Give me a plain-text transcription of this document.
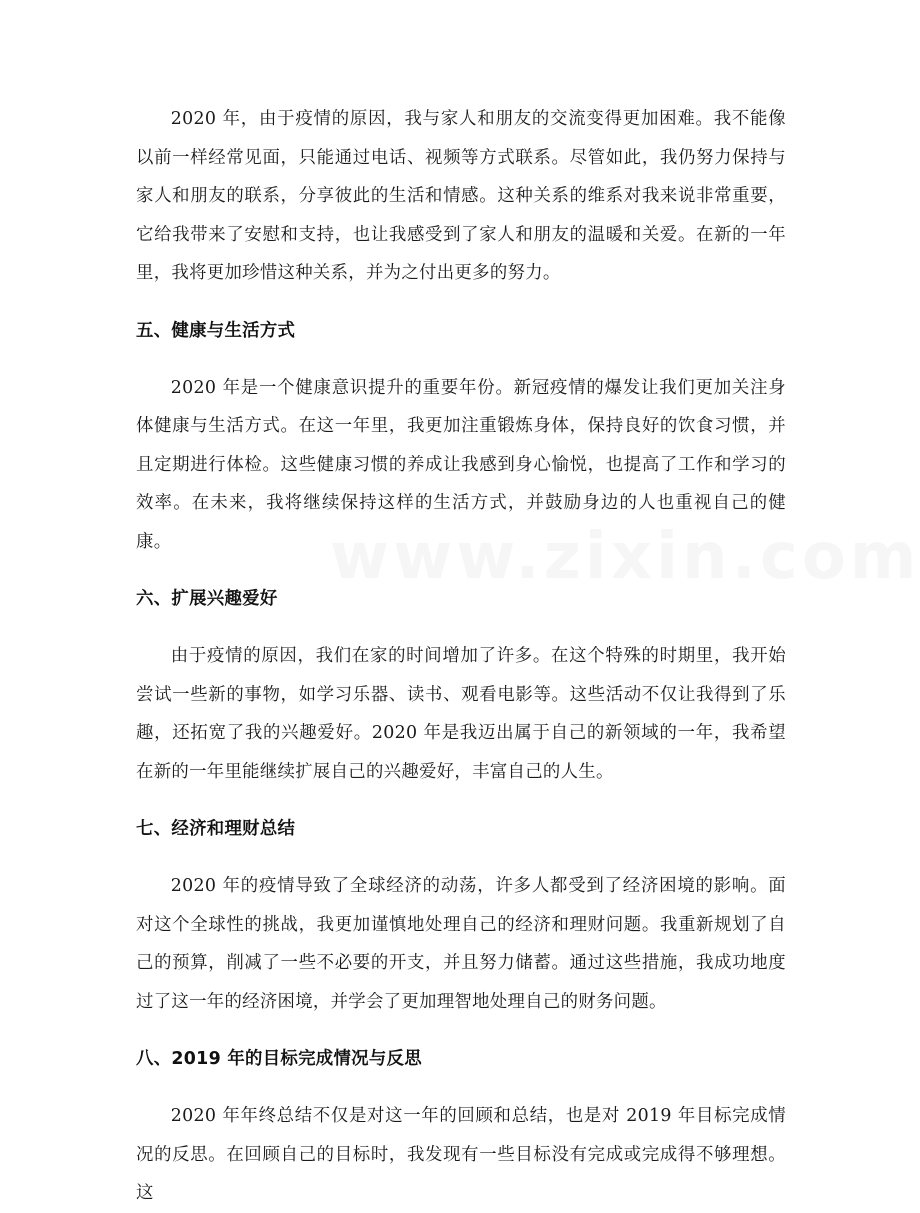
2020 年，由于疫情的原因，我与家人和朋友的交流变得更加困难。我不能像以前一样经常见面，只能通过电话、视频等方式联系。尽管如此，我仍努力保持与家人和朋友的联系，分享彼此的生活和情感。这种关系的维系对我来说非常重要，它给我带来了安慰和支持，也让我感受到了家人和朋友的温暖和关爱。在新的一年里，我将更加珍惜这种关系，并为之付出更多的努力。

五、健康与生活方式

2020 年是一个健康意识提升的重要年份。新冠疫情的爆发让我们更加关注身体健康与生活方式。在这一年里，我更加注重锻炼身体，保持良好的饮食习惯，并且定期进行体检。这些健康习惯的养成让我感到身心愉悦，也提高了工作和学习的效率。在未来，我将继续保持这样的生活方式，并鼓励身边的人也重视自己的健康。

六、扩展兴趣爱好

由于疫情的原因，我们在家的时间增加了许多。在这个特殊的时期里，我开始尝试一些新的事物，如学习乐器、读书、观看电影等。这些活动不仅让我得到了乐趣，还拓宽了我的兴趣爱好。2020 年是我迈出属于自己的新领域的一年，我希望在新的一年里能继续扩展自己的兴趣爱好，丰富自己的人生。

七、经济和理财总结

2020 年的疫情导致了全球经济的动荡，许多人都受到了经济困境的影响。面对这个全球性的挑战，我更加谨慎地处理自己的经济和理财问题。我重新规划了自己的预算，削减了一些不必要的开支，并且努力储蓄。通过这些措施，我成功地度过了这一年的经济困境，并学会了更加理智地处理自己的财务问题。

八、2019 年的目标完成情况与反思

2020 年年终总结不仅是对这一年的回顾和总结，也是对 2019 年目标完成情况的反思。在回顾自己的目标时，我发现有一些目标没有完成或完成得不够理想。这
